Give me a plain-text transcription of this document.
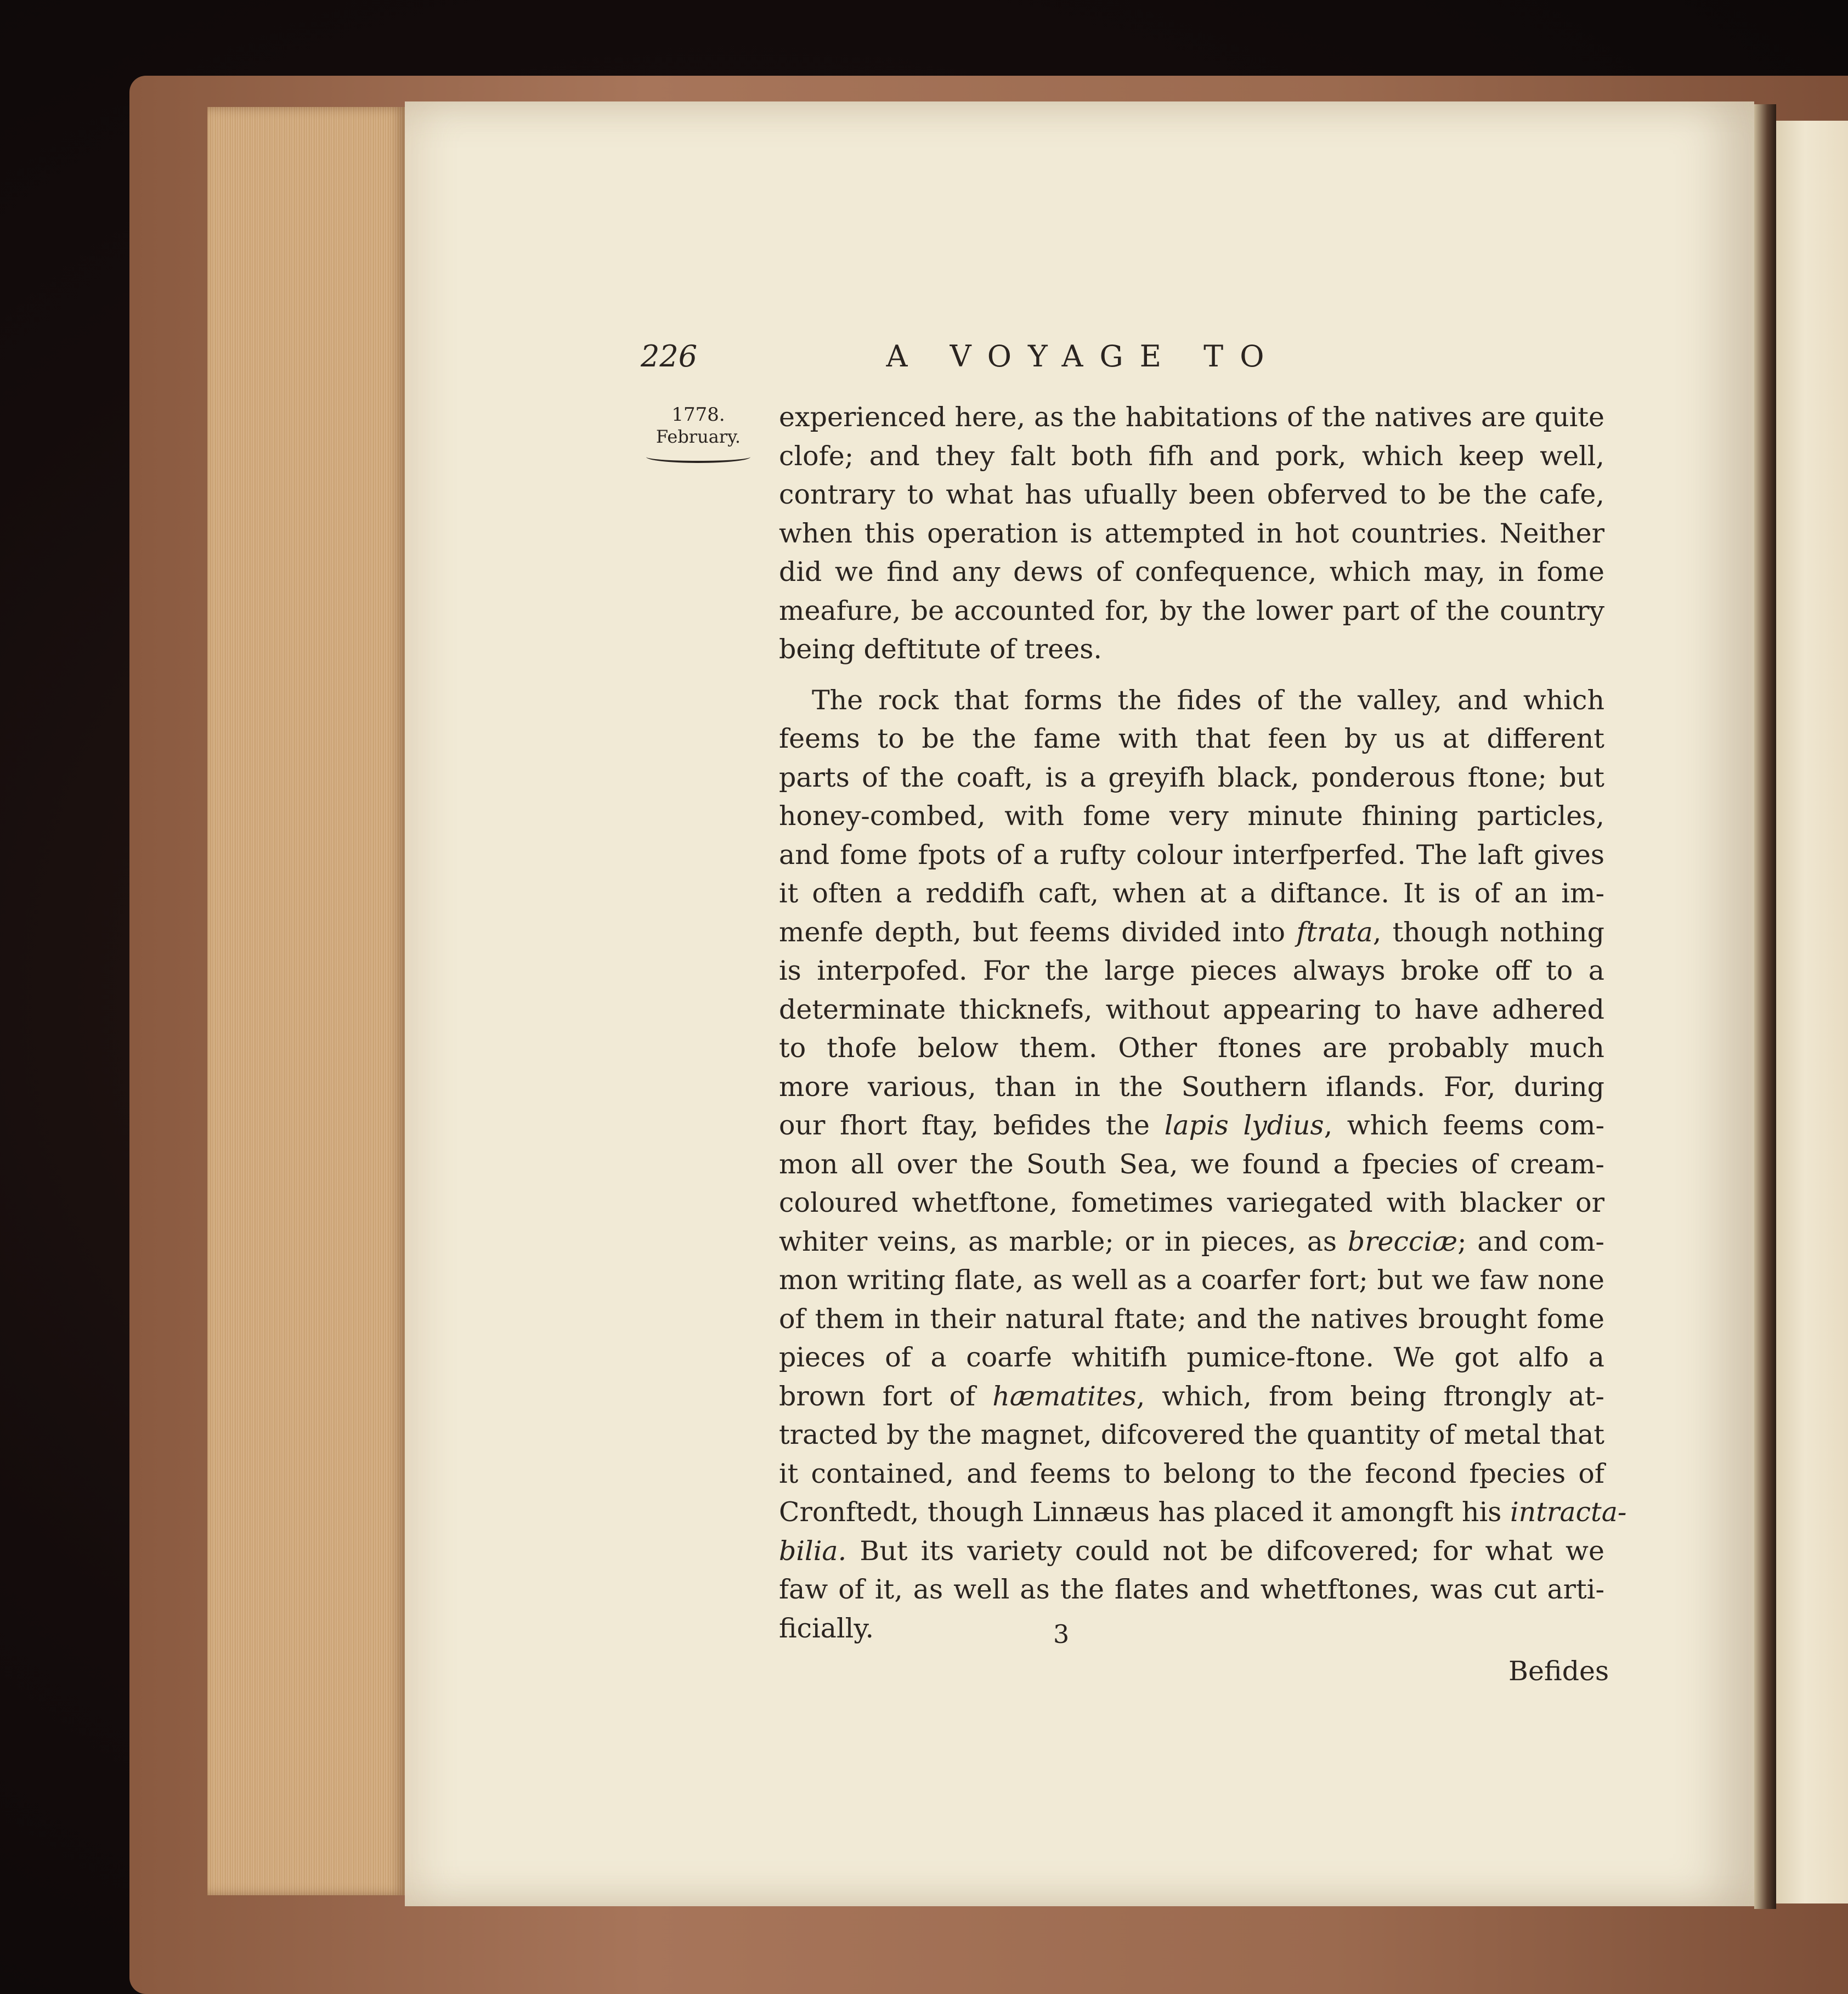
226	A VOYAGE TO
1778.
February.
experienced here, as the habitations of the natives are quite
clofe; and they falt both fifh and pork, which keep well,
contrary to what has ufually been obferved to be the cafe,
when this operation is attempted in hot countries. Neither
did we find any dews of confequence, which may, in fome
meafure, be accounted for, by the lower part of the country
being deftitute of trees.
The rock that forms the fides of the valley, and which
feems to be the fame with that feen by us at different
parts of the coaft, is a greyifh black, ponderous ftone; but
honey-combed, with fome very minute fhining particles,
and fome fpots of a rufty colour interfperfed. The laft gives
it often a reddifh caft, when at a diftance. It is of an im-
menfe depth, but feems divided into ftrata, though nothing
is interpofed. For the large pieces always broke off to a
determinate thicknefs, without appearing to have adhered
to thofe below them. Other ftones are probably much
more various, than in the Southern iflands. For, during
our fhort ftay, befides the lapis lydius, which feems com-
mon all over the South Sea, we found a fpecies of cream-
coloured whetftone, fometimes variegated with blacker or
whiter veins, as marble; or in pieces, as brecciæ; and com-
mon writing flate, as well as a coarfer fort; but we faw none
of them in their natural ftate; and the natives brought fome
pieces of a coarfe whitifh pumice-ftone. We got alfo a
brown fort of hæmatites, which, from being ftrongly at-
tracted by the magnet, difcovered the quantity of metal that
it contained, and feems to belong to the fecond fpecies of
Cronftedt, though Linnæus has placed it amongft his intracta-
bilia. But its variety could not be difcovered; for what we
faw of it, as well as the flates and whetftones, was cut arti-
ficially.	3
Befides
